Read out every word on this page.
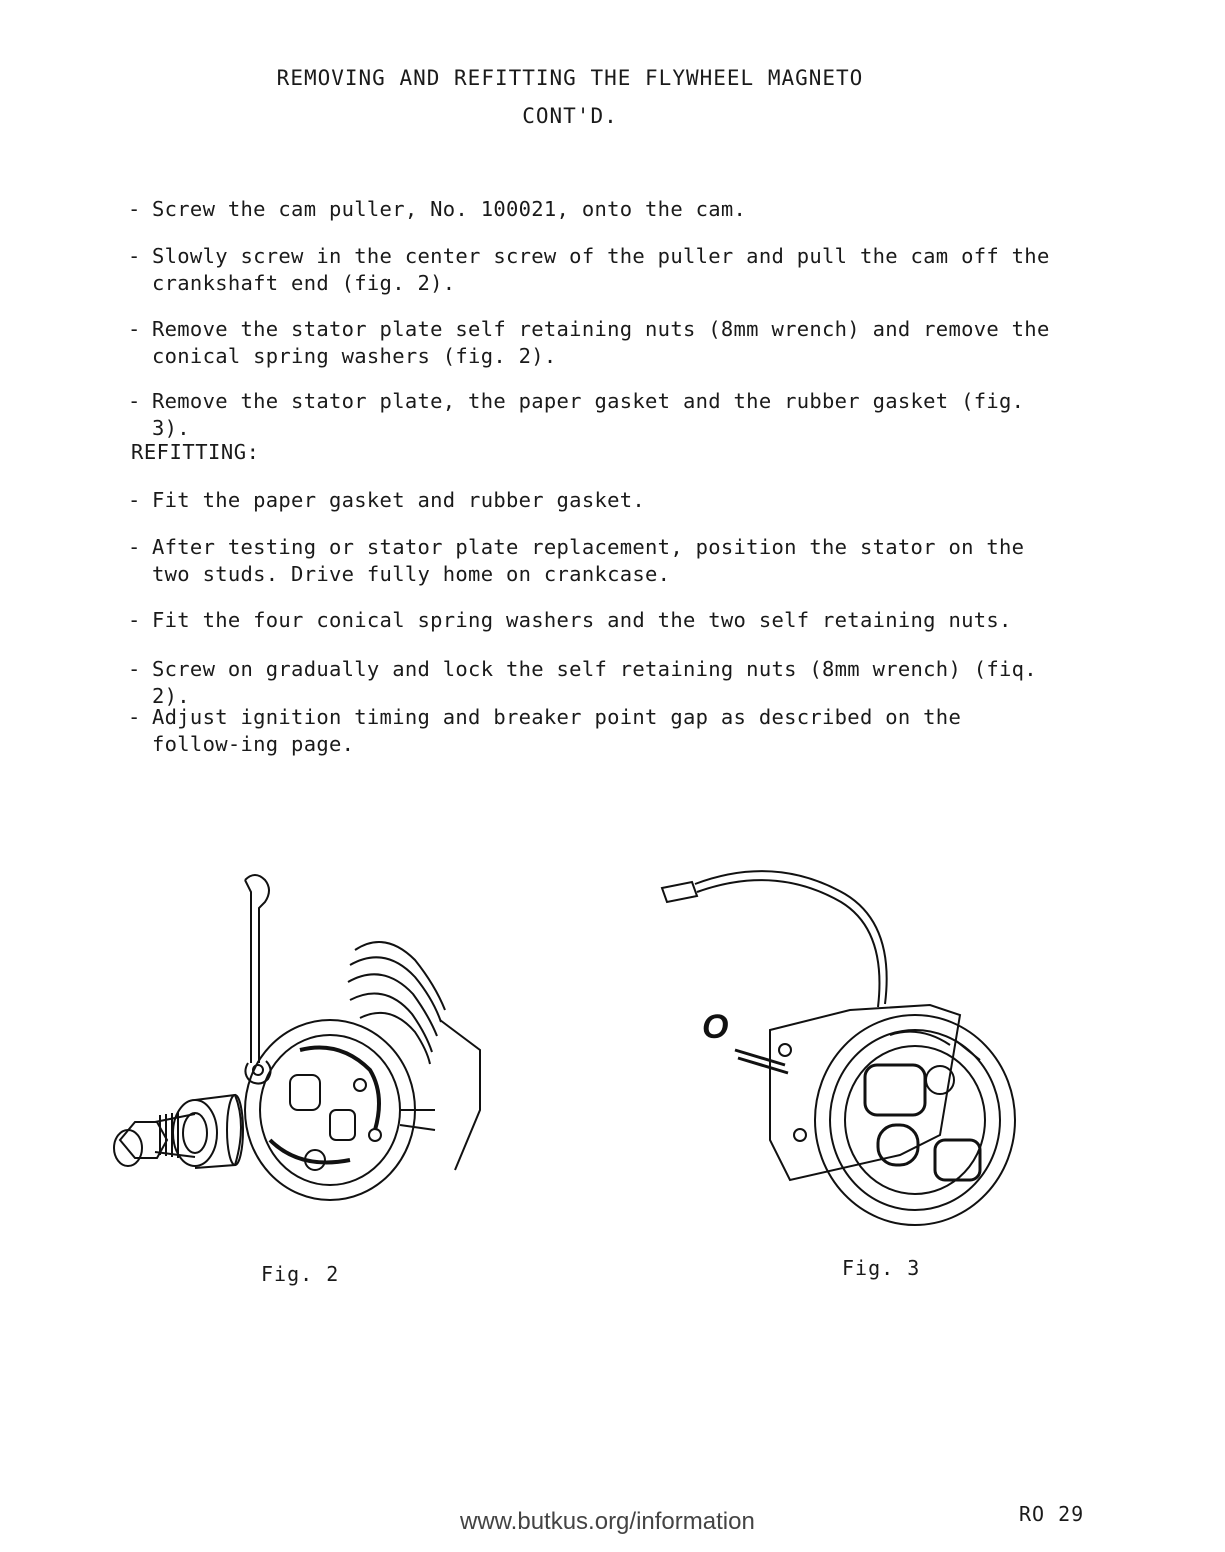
REMOVING AND REFITTING THE FLYWHEEL MAGNETO
CONT'D.
- Screw the cam puller, No. 100021, onto the cam.
- Slowly screw in the center screw of the puller and pull the cam off the crankshaft end (fig. 2).
- Remove the stator plate self retaining nuts (8mm wrench) and remove the conical spring washers (fig. 2).
- Remove the stator plate, the paper gasket and the rubber gasket (fig. 3).
REFITTING:
- Fit the paper gasket and rubber gasket.
- After testing or stator plate replacement, position the stator on the two studs. Drive fully home on crankcase.
- Fit the four conical spring washers and the two self retaining nuts.
- Screw on gradually and lock the self retaining nuts (8mm wrench) (fiq. 2).
- Adjust ignition timing and breaker point gap as described on the follow-ing page.
O
Fig. 2	Fig. 3
www.butkus.org/information	RO 29
